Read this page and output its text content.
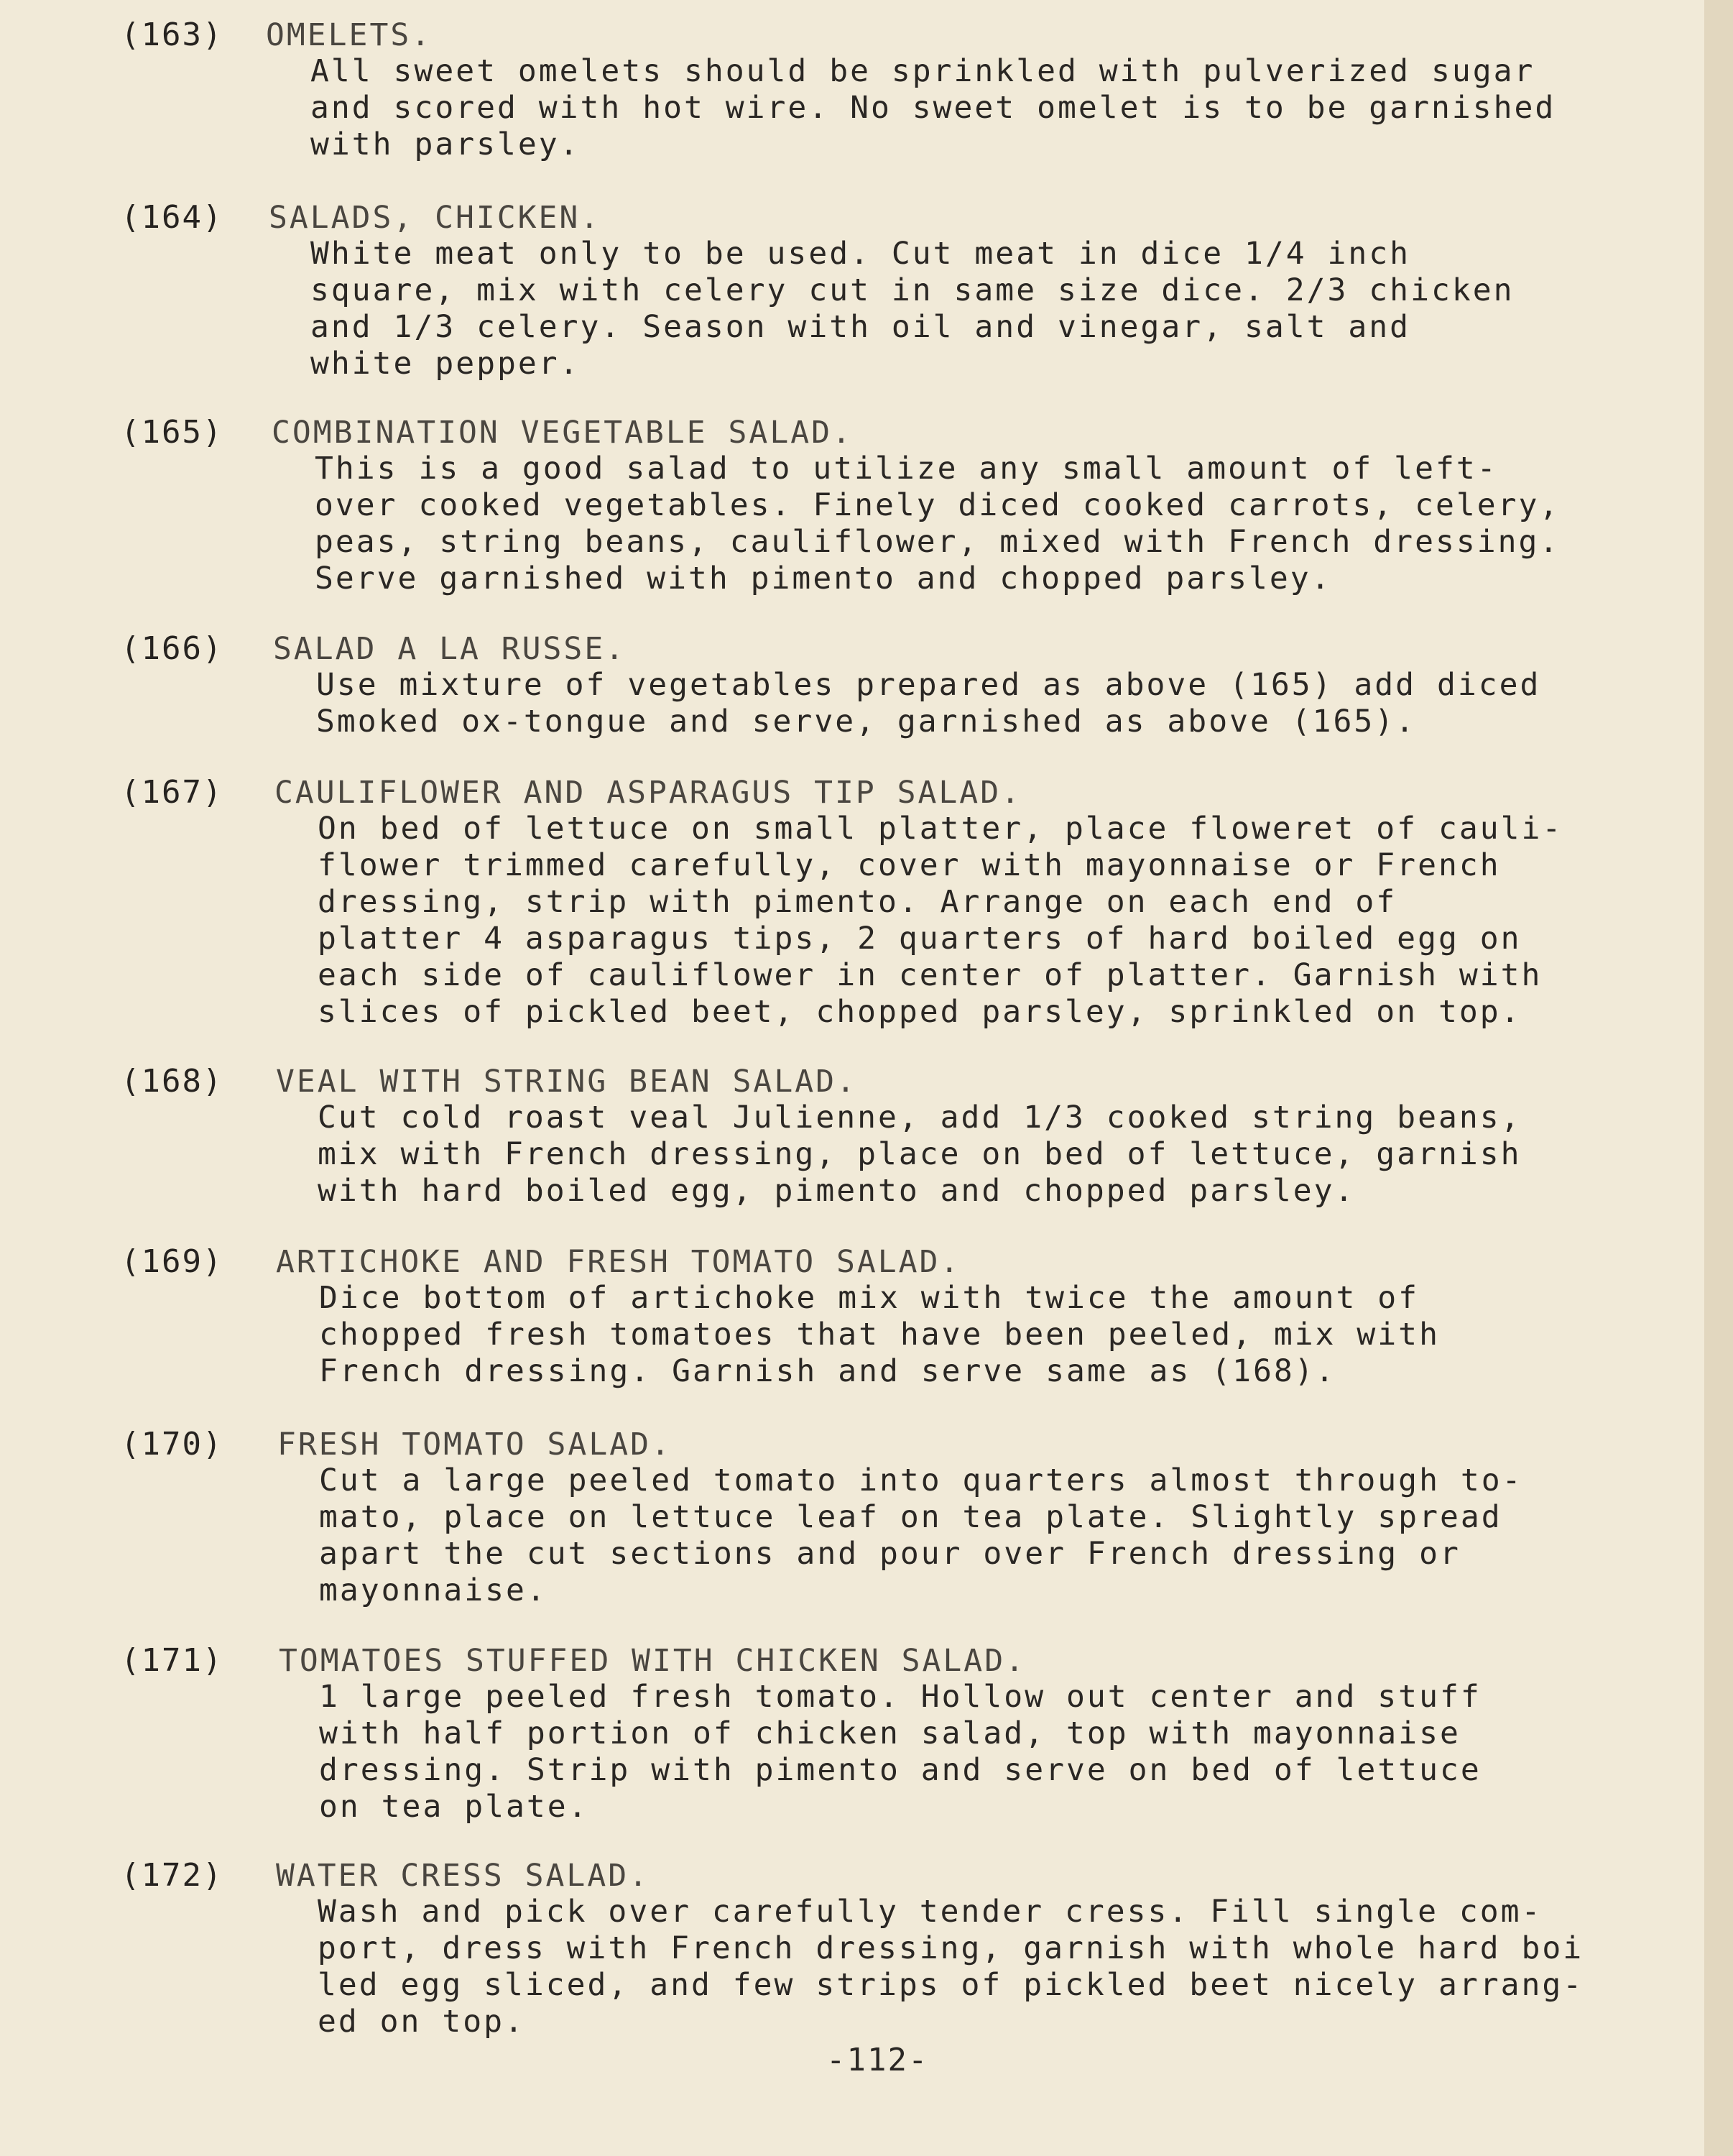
(163) OMELETS.
All sweet omelets should be sprinkled with pulverized sugar
and scored with hot wire. No sweet omelet is to be garnished
with parsley.
(164) SALADS, CHICKEN.
White meat only to be used. Cut meat in dice 1/4 inch
square, mix with celery cut in same size dice. 2/3 chicken
and 1/3 celery. Season with oil and vinegar, salt and
white pepper.
(165) COMBINATION VEGETABLE SALAD.
This is a good salad to utilize any small amount of left-
over cooked vegetables. Finely diced cooked carrots, celery,
peas, string beans, cauliflower, mixed with French dressing.
Serve garnished with pimento and chopped parsley.
(166) SALAD A LA RUSSE.
Use mixture of vegetables prepared as above (165) add diced
Smoked ox-tongue and serve, garnished as above (165).
(167) CAULIFLOWER AND ASPARAGUS TIP SALAD.
On bed of lettuce on small platter, place floweret of cauli-
flower trimmed carefully, cover with mayonnaise or French
dressing, strip with pimento. Arrange on each end of
platter 4 asparagus tips, 2 quarters of hard boiled egg on
each side of cauliflower in center of platter. Garnish with
slices of pickled beet, chopped parsley, sprinkled on top.
(168) VEAL WITH STRING BEAN SALAD.
Cut cold roast veal Julienne, add 1/3 cooked string beans,
mix with French dressing, place on bed of lettuce, garnish
with hard boiled egg, pimento and chopped parsley.
(169) ARTICHOKE AND FRESH TOMATO SALAD.
Dice bottom of artichoke mix with twice the amount of
chopped fresh tomatoes that have been peeled, mix with
French dressing. Garnish and serve same as (168).
(170) FRESH TOMATO SALAD.
Cut a large peeled tomato into quarters almost through to-
mato, place on lettuce leaf on tea plate. Slightly spread
apart the cut sections and pour over French dressing or
mayonnaise.
(171) TOMATOES STUFFED WITH CHICKEN SALAD.
1 large peeled fresh tomato. Hollow out center and stuff
with half portion of chicken salad, top with mayonnaise
dressing. Strip with pimento and serve on bed of lettuce
on tea plate.
(172) WATER CRESS SALAD.
Wash and pick over carefully tender cress. Fill single com-
port, dress with French dressing, garnish with whole hard boi
led egg sliced, and few strips of pickled beet nicely arrang-
ed on top.
-112-
